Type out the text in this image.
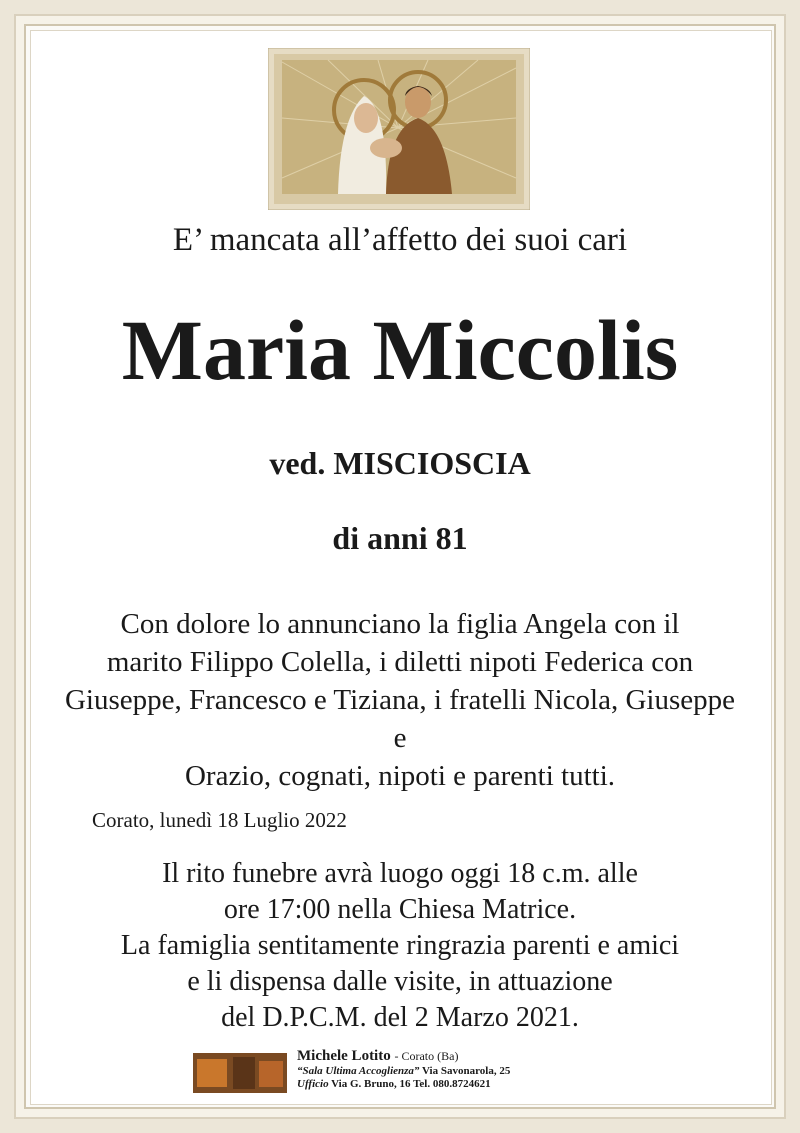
E’ mancata all’affetto dei suoi cari
Maria Miccolis
ved. MISCIOSCIA
di anni 81
Con dolore lo annunciano la figlia Angela con il
marito Filippo Colella, i diletti nipoti Federica con
Giuseppe, Francesco e Tiziana, i fratelli Nicola, Giuseppe e
Orazio, cognati, nipoti e parenti tutti.
Corato, lunedì 18 Luglio 2022
Il rito funebre avrà luogo oggi 18 c.m. alle
ore 17:00 nella Chiesa Matrice.
La famiglia sentitamente ringrazia parenti e amici
e li dispensa dalle visite, in attuazione
del D.P.C.M. del 2 Marzo 2021.
Michele Lotito - Corato (Ba)
“Sala Ultima Accoglienza” Via Savonarola, 25
Ufficio Via G. Bruno, 16 Tel. 080.8724621
